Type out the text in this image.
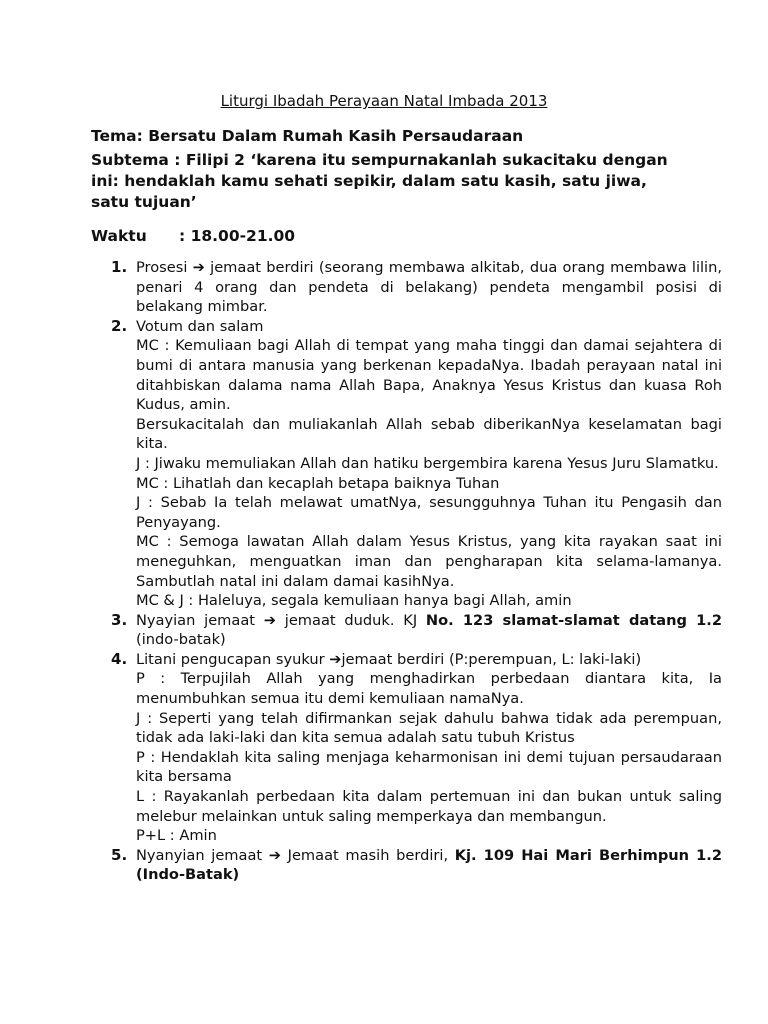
Liturgi Ibadah Perayaan Natal Imbada 2013
Tema: Bersatu Dalam Rumah Kasih Persaudaraan
Subtema : Filipi 2 ‘karena itu sempurnakanlah sukacitaku dengan ini: hendaklah kamu sehati sepikir, dalam satu kasih, satu jiwa, satu tujuan’
Waktu : 18.00-21.00

Prosesi ➔ jemaat berdiri (seorang membawa alkitab, dua orang membawa lilin, penari 4 orang dan pendeta di belakang) pendeta mengambil posisi di belakang mimbar.

Votum dan salam

MC : Kemuliaan bagi Allah di tempat yang maha tinggi dan damai sejahtera di bumi di antara manusia yang berkenan kepadaNya. Ibadah perayaan natal ini ditahbiskan dalama nama Allah Bapa, Anaknya Yesus Kristus dan kuasa Roh Kudus, amin.

Bersukacitalah dan muliakanlah Allah sebab diberikanNya keselamatan bagi kita.

J : Jiwaku memuliakan Allah dan hatiku bergembira karena Yesus Juru Slamatku.

MC : Lihatlah dan kecaplah betapa baiknya Tuhan

J : Sebab Ia telah melawat umatNya, sesungguhnya Tuhan itu Pengasih dan Penyayang.

MC : Semoga lawatan Allah dalam Yesus Kristus, yang kita rayakan saat ini meneguhkan, menguatkan iman dan pengharapan kita selama-lamanya. Sambutlah natal ini dalam damai kasihNya.

MC & J : Haleluya, segala kemuliaan hanya bagi Allah, amin

Nyayian jemaat ➔ jemaat duduk. KJ No. 123 slamat-slamat datang 1.2 (indo-batak)

Litani pengucapan syukur ➔jemaat berdiri (P:perempuan, L: laki-laki)

P : Terpujilah Allah yang menghadirkan perbedaan diantara kita, Ia menumbuhkan semua itu demi kemuliaan namaNya.

J : Seperti yang telah difirmankan sejak dahulu bahwa tidak ada perempuan, tidak ada laki-laki dan kita semua adalah satu tubuh Kristus

P : Hendaklah kita saling menjaga keharmonisan ini demi tujuan persaudaraan kita bersama

L : Rayakanlah perbedaan kita dalam pertemuan ini dan bukan untuk saling melebur melainkan untuk saling memperkaya dan membangun.

P+L : Amin

Nyanyian jemaat ➔ Jemaat masih berdiri, Kj. 109 Hai Mari Berhimpun 1.2 (Indo-Batak)
